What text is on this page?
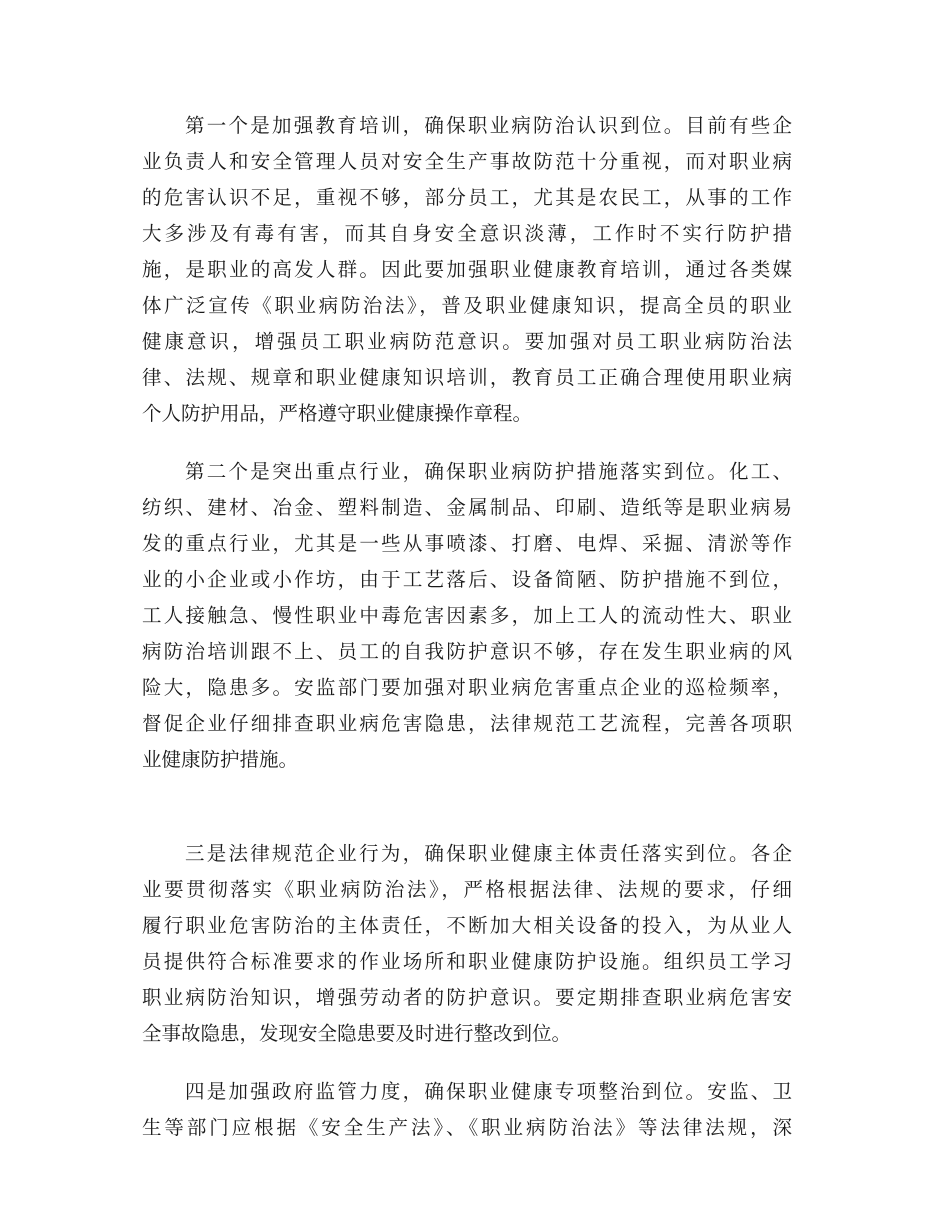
第一个是加强教育培训，确保职业病防治认识到位。目前有些企
业负责人和安全管理人员对安全生产事故防范十分重视，而对职业病
的危害认识不足，重视不够，部分员工，尤其是农民工，从事的工作
大多涉及有毒有害，而其自身安全意识淡薄，工作时不实行防护措
施，是职业的高发人群。因此要加强职业健康教育培训，通过各类媒
体广泛宣传《职业病防治法》，普及职业健康知识，提高全员的职业
健康意识，增强员工职业病防范意识。要加强对员工职业病防治法
律、法规、规章和职业健康知识培训，教育员工正确合理使用职业病
个人防护用品，严格遵守职业健康操作章程。
第二个是突出重点行业，确保职业病防护措施落实到位。化工、
纺织、建材、冶金、塑料制造、金属制品、印刷、造纸等是职业病易
发的重点行业，尤其是一些从事喷漆、打磨、电焊、采掘、清淤等作
业的小企业或小作坊，由于工艺落后、设备简陋、防护措施不到位，
工人接触急、慢性职业中毒危害因素多，加上工人的流动性大、职业
病防治培训跟不上、员工的自我防护意识不够，存在发生职业病的风
险大，隐患多。安监部门要加强对职业病危害重点企业的巡检频率，
督促企业仔细排查职业病危害隐患，法律规范工艺流程，完善各项职
业健康防护措施。
三是法律规范企业行为，确保职业健康主体责任落实到位。各企
业要贯彻落实《职业病防治法》，严格根据法律、法规的要求，仔细
履行职业危害防治的主体责任，不断加大相关设备的投入，为从业人
员提供符合标准要求的作业场所和职业健康防护设施。组织员工学习
职业病防治知识，增强劳动者的防护意识。要定期排查职业病危害安
全事故隐患，发现安全隐患要及时进行整改到位。
四是加强政府监管力度，确保职业健康专项整治到位。安监、卫
生等部门应根据《安全生产法》、《职业病防治法》等法律法规，深
